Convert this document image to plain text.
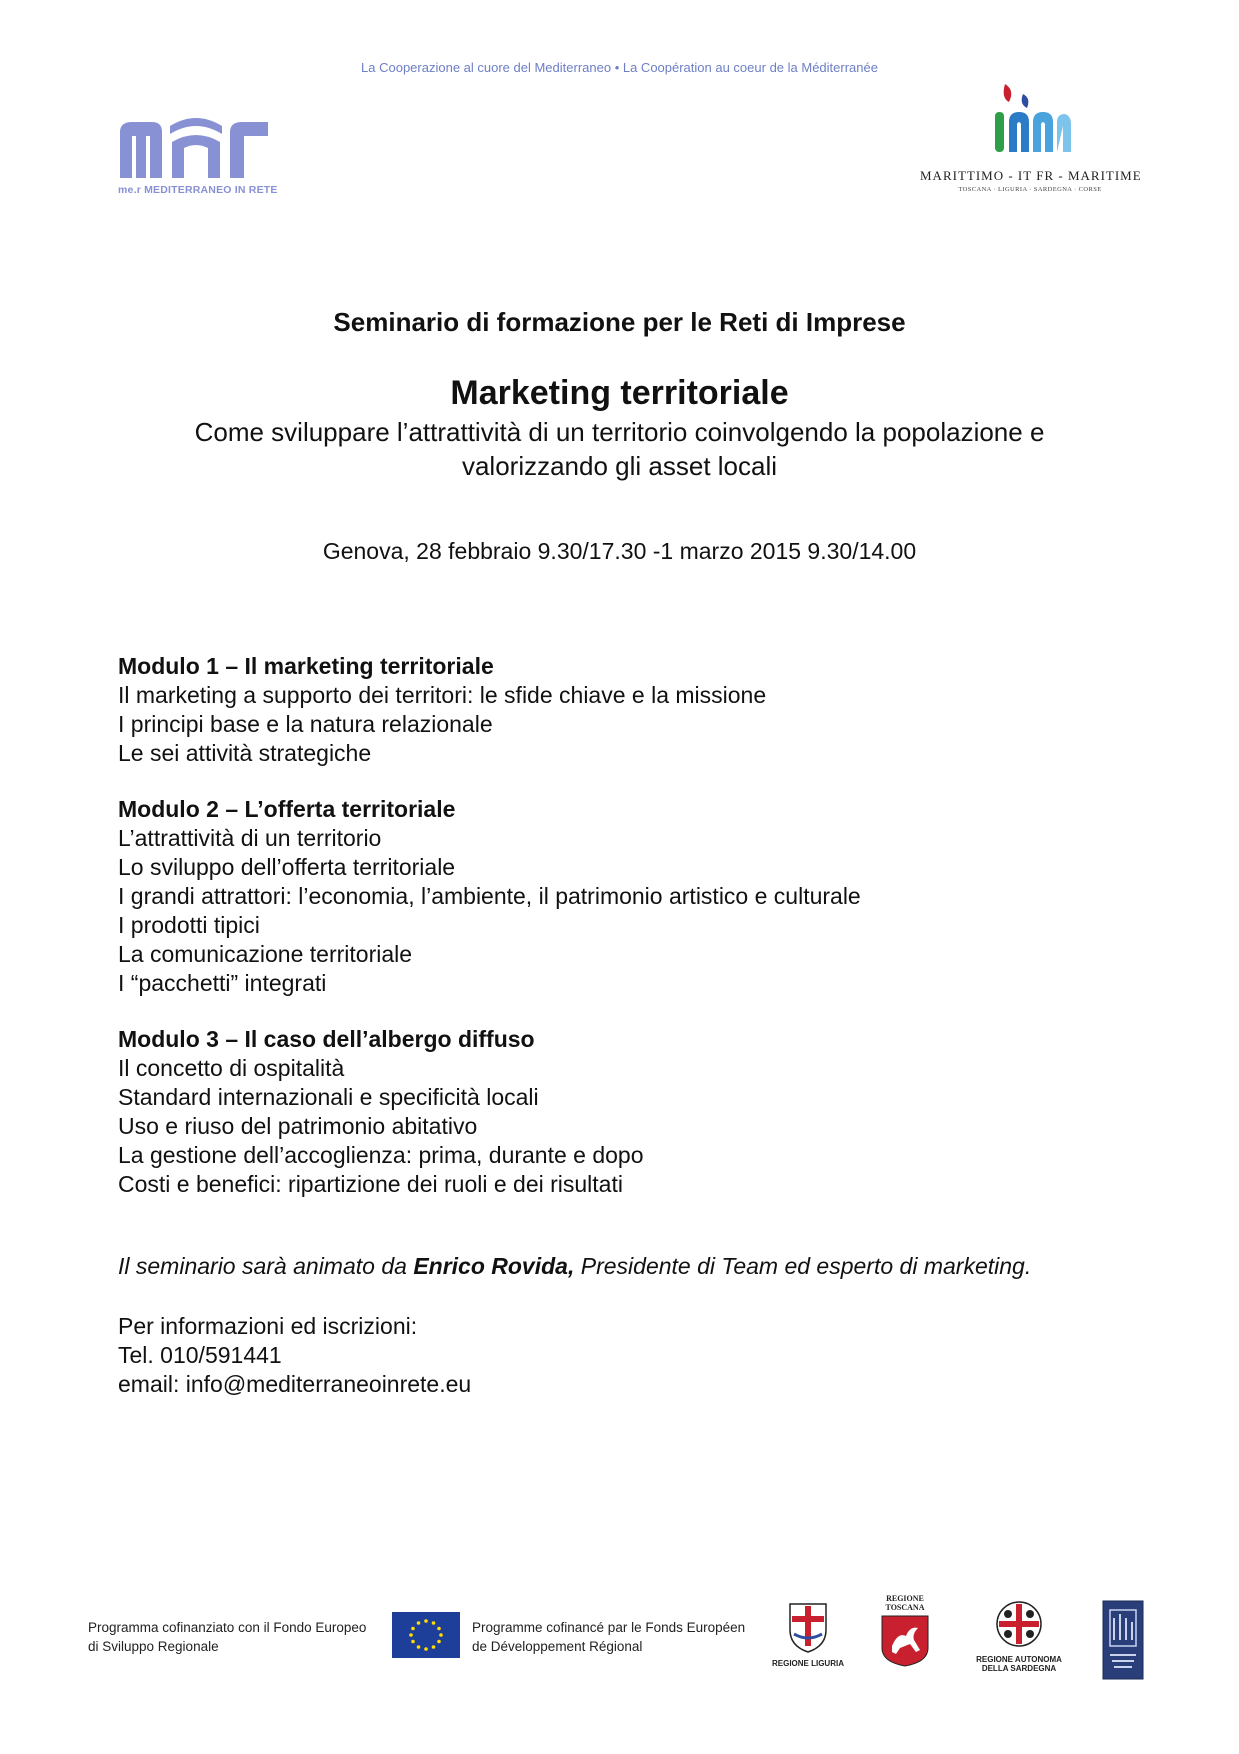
La Cooperazione al cuore del Mediterraneo • La Coopération au coeur de la Méditerranée
me.r MEDITERRANEO IN RETE
MARITTIMO - IT FR - MARITIME
TOSCANA · LIGURIA · SARDEGNA · CORSE
Seminario di formazione per le Reti di Imprese
Marketing territoriale
Come sviluppare l’attrattività di un territorio coinvolgendo la popolazione e
valorizzando gli asset locali
Genova, 28 febbraio 9.30/17.30 -1 marzo 2015 9.30/14.00
Modulo 1 – Il marketing territoriale
Il marketing a supporto dei territori: le sfide chiave e la missione
I principi base e la natura relazionale
Le sei attività strategiche
Modulo 2 – L’offerta territoriale
L’attrattività di un territorio
Lo sviluppo dell’offerta territoriale
I grandi attrattori: l’economia, l’ambiente, il patrimonio artistico e culturale
I prodotti tipici
La comunicazione territoriale
I “pacchetti” integrati
Modulo 3 – Il caso dell’albergo diffuso
Il concetto di ospitalità
Standard internazionali e specificità locali
Uso e riuso del patrimonio abitativo
La gestione dell’accoglienza: prima, durante e dopo
Costi e benefici: ripartizione dei ruoli e dei risultati
Il seminario sarà animato da Enrico Rovida, Presidente di Team ed esperto di marketing.
Per informazioni ed iscrizioni:
Tel. 010/591441
email: info@mediterraneoinrete.eu
Programma cofinanziato con il Fondo Europeo
di Sviluppo Regionale
Programme cofinancé par le Fonds Européen
de Développement Régional
REGIONE LIGURIA
REGIONE
TOSCANA
REGIONE AUTONOMA
DELLA SARDEGNA
